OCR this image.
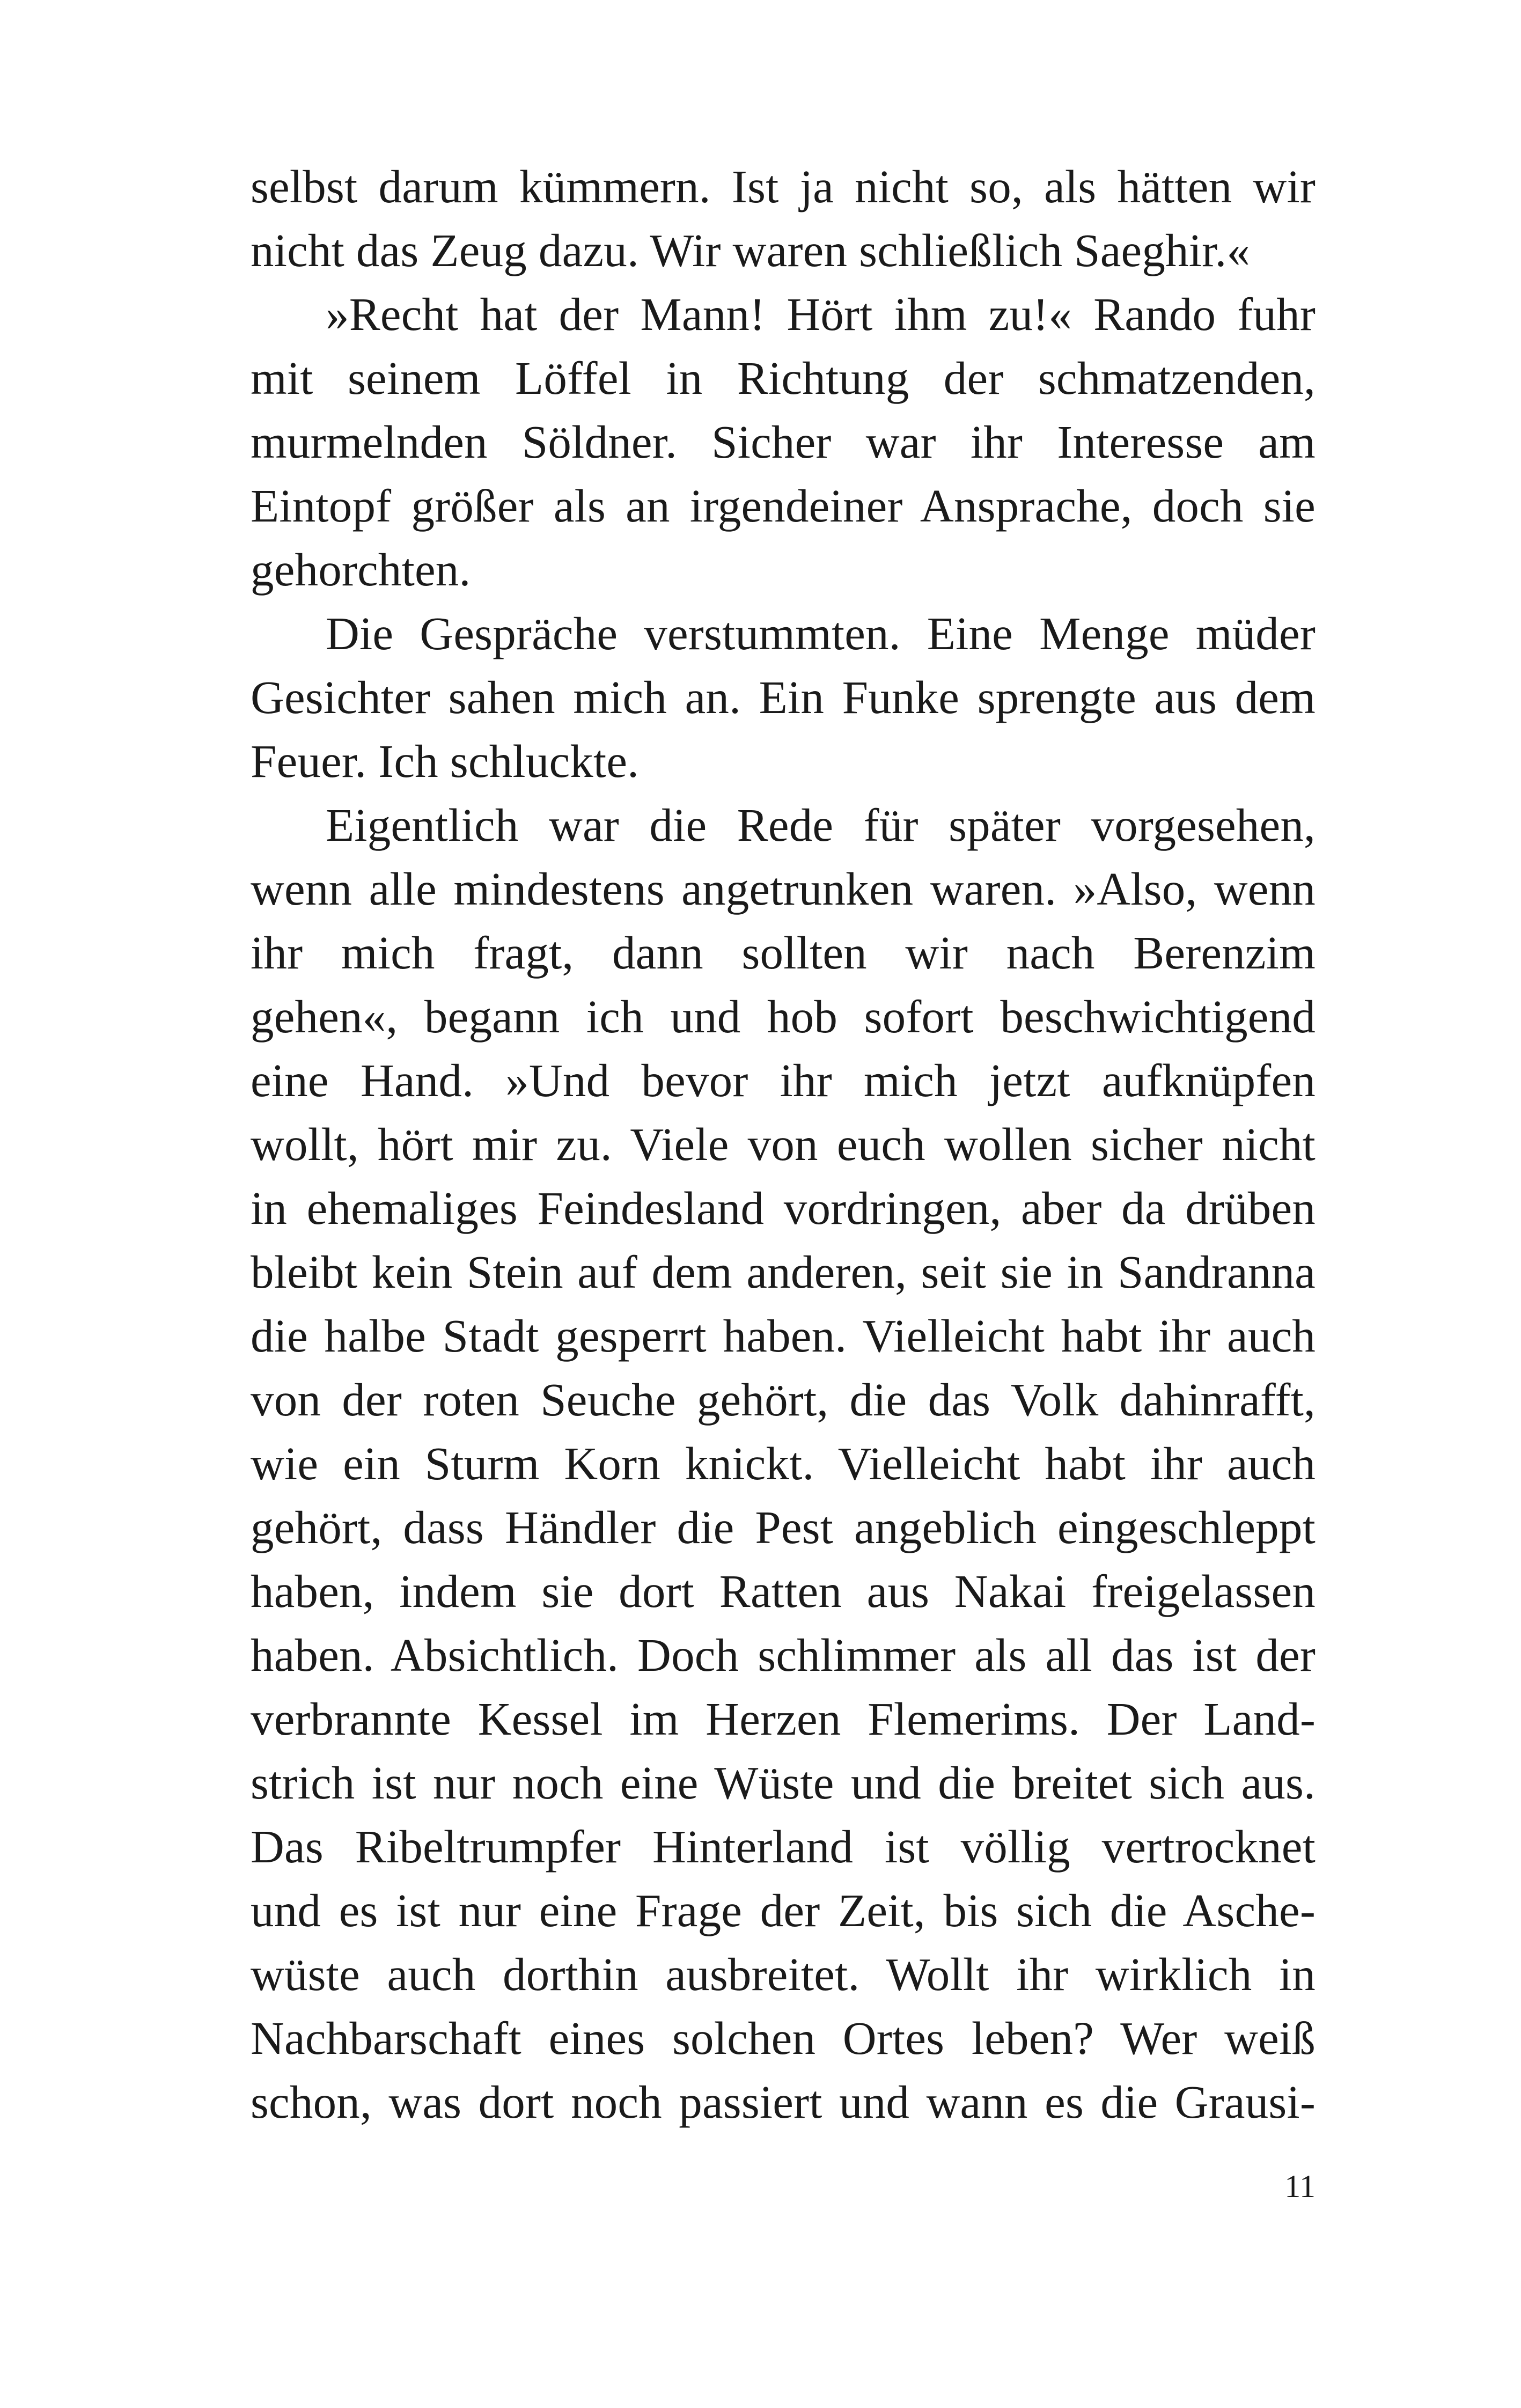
selbst darum kümmern. Ist ja nicht so, als hätten wir
nicht das Zeug dazu. Wir waren schließlich Saeghir.«
»Recht hat der Mann! Hört ihm zu!« Rando fuhr
mit seinem Löffel in Richtung der schmatzenden,
murmelnden Söldner. Sicher war ihr Interesse am
Eintopf größer als an irgendeiner Ansprache, doch sie
gehorchten.
Die Gespräche verstummten. Eine Menge müder
Gesichter sahen mich an. Ein Funke sprengte aus dem
Feuer. Ich schluckte.
Eigentlich war die Rede für später vorgesehen,
wenn alle mindestens angetrunken waren. »Also, wenn
ihr mich fragt, dann sollten wir nach Berenzim
gehen«, begann ich und hob sofort beschwichtigend
eine Hand. »Und bevor ihr mich jetzt aufknüpfen
wollt, hört mir zu. Viele von euch wollen sicher nicht
in ehemaliges Feindesland vordringen, aber da drüben
bleibt kein Stein auf dem anderen, seit sie in Sandranna
die halbe Stadt gesperrt haben. Vielleicht habt ihr auch
von der roten Seuche gehört, die das Volk dahinrafft,
wie ein Sturm Korn knickt. Vielleicht habt ihr auch
gehört, dass Händler die Pest angeblich eingeschleppt
haben, indem sie dort Ratten aus Nakai freigelassen
haben. Absichtlich. Doch schlimmer als all das ist der
verbrannte Kessel im Herzen Flemerims. Der Land-
strich ist nur noch eine Wüste und die breitet sich aus.
Das Ribeltrumpfer Hinterland ist völlig vertrocknet
und es ist nur eine Frage der Zeit, bis sich die Asche-
wüste auch dorthin ausbreitet. Wollt ihr wirklich in
Nachbarschaft eines solchen Ortes leben? Wer weiß
schon, was dort noch passiert und wann es die Grausi-
11
